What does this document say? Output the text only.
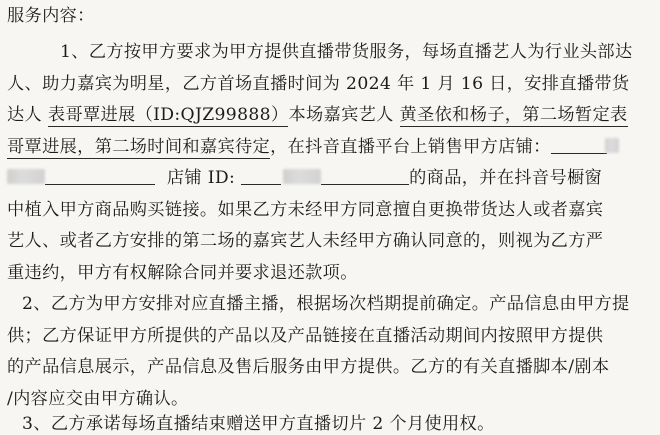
服务内容：
1、乙方按甲方要求为甲方提供直播带货服务，每场直播艺人为行业头部达
人、助力嘉宾为明星，乙方首场直播时间为 2024 年 1 月 16 日，安排直播带货
达人 表哥覃进展（ID:QJZ99888）本场嘉宾艺人 黄圣依和杨子，第二场暂定表
哥覃进展，第二场时间和嘉宾待定，在抖音直播平台上销售甲方店铺：
店铺 ID:	的商品，并在抖音号橱窗
中植入甲方商品购买链接。如果乙方未经甲方同意擅自更换带货达人或者嘉宾
艺人、或者乙方安排的第二场的嘉宾艺人未经甲方确认同意的，则视为乙方严
重违约，甲方有权解除合同并要求退还款项。
2、乙方为甲方安排对应直播主播，根据场次档期提前确定。产品信息由甲方提
供；乙方保证甲方所提供的产品以及产品链接在直播活动期间内按照甲方提供
的产品信息展示，产品信息及售后服务由甲方提供。乙方的有关直播脚本/剧本
/内容应交由甲方确认。
3、乙方承诺每场直播结束赠送甲方直播切片 2 个月使用权。
